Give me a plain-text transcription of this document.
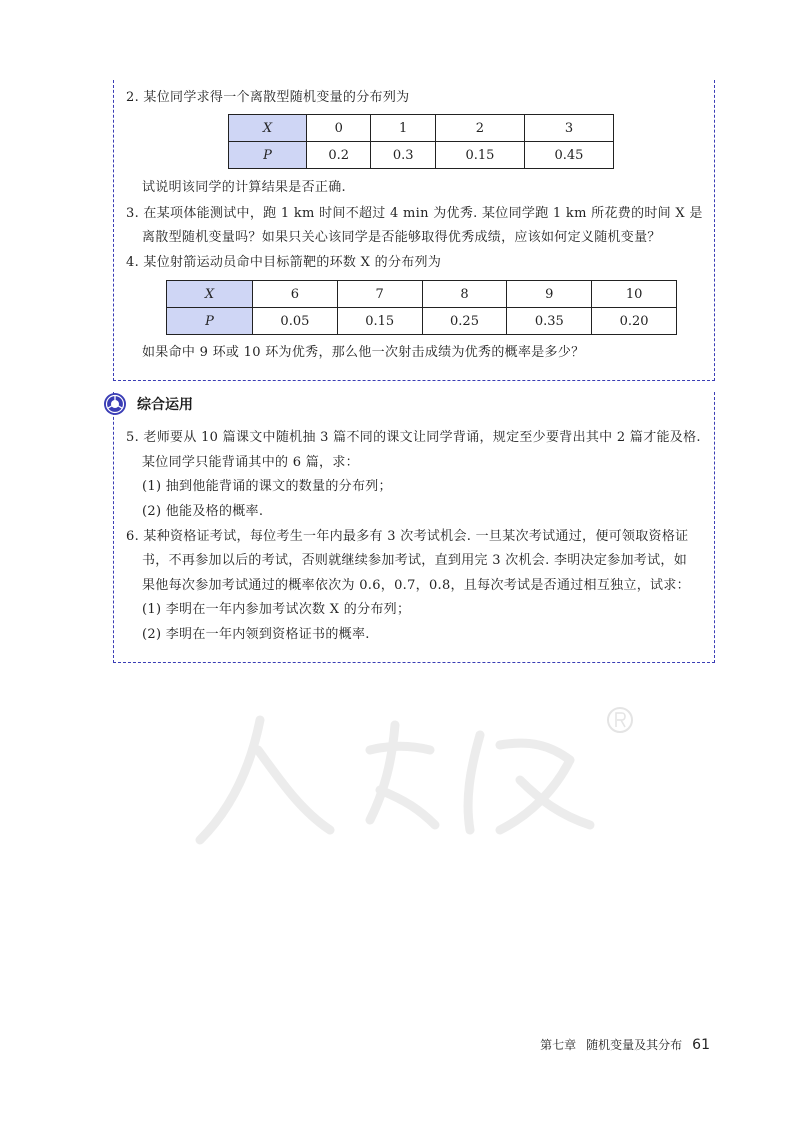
2. 某位同学求得一个离散型随机变量的分布列为
X	0	1	2	3
P	0.2	0.3	0.15	0.45
试说明该同学的计算结果是否正确.
3. 在某项体能测试中，跑 1 km 时间不超过 4 min 为优秀. 某位同学跑 1 km 所花费的时间 X 是
离散型随机变量吗？如果只关心该同学是否能够取得优秀成绩，应该如何定义随机变量？
4. 某位射箭运动员命中目标箭靶的环数 X 的分布列为
X	6	7	8	9	10
P	0.05	0.15	0.25	0.35	0.20
如果命中 9 环或 10 环为优秀，那么他一次射击成绩为优秀的概率是多少？
综合运用
5. 老师要从 10 篇课文中随机抽 3 篇不同的课文让同学背诵，规定至少要背出其中 2 篇才能及格.
某位同学只能背诵其中的 6 篇，求：
(1) 抽到他能背诵的课文的数量的分布列；
(2) 他能及格的概率.
6. 某种资格证考试，每位考生一年内最多有 3 次考试机会. 一旦某次考试通过，便可领取资格证
书，不再参加以后的考试，否则就继续参加考试，直到用完 3 次机会. 李明决定参加考试，如
果他每次参加考试通过的概率依次为 0.6，0.7，0.8，且每次考试是否通过相互独立，试求：
(1) 李明在一年内参加考试次数 X 的分布列；
(2) 李明在一年内领到资格证书的概率.
第七章 随机变量及其分布 61
